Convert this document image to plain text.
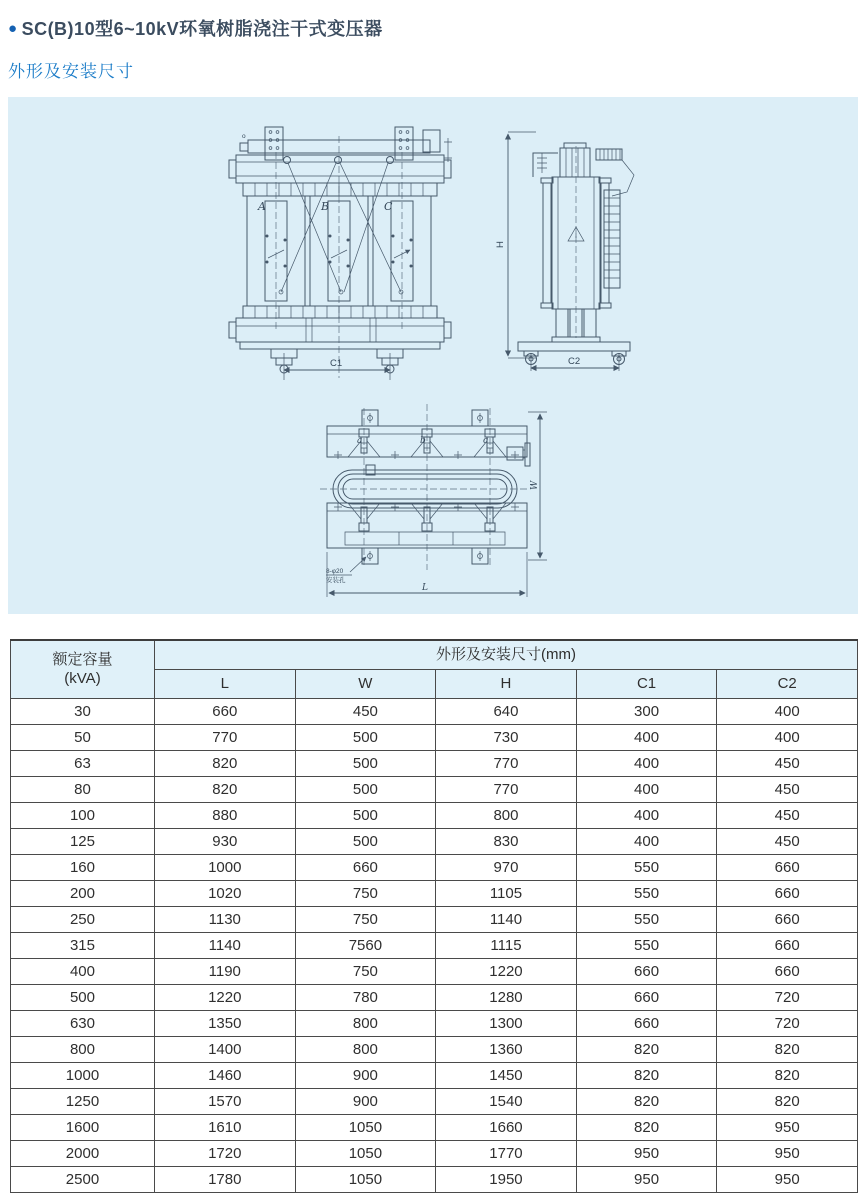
● SC(B)10型6~10kV环氧树脂浇注干式变压器
外形及安装尺寸
C1
o
A	B	C
H
C2
a	b	c
W
L
8-φ20
安装孔
额定容量
(kVA)	外形及安装尺寸(mm)				
	L	W	H	C1	C2
30	660	450	640	300	400
50	770	500	730	400	400
63	820	500	770	400	450
80	820	500	770	400	450
100	880	500	800	400	450
125	930	500	830	400	450
160	1000	660	970	550	660
200	1020	750	1105	550	660
250	1130	750	1140	550	660
315	1140	7560	1115	550	660
400	1190	750	1220	660	660
500	1220	780	1280	660	720
630	1350	800	1300	660	720
800	1400	800	1360	820	820
1000	1460	900	1450	820	820
1250	1570	900	1540	820	820
1600	1610	1050	1660	820	950
2000	1720	1050	1770	950	950
2500	1780	1050	1950	950	950
